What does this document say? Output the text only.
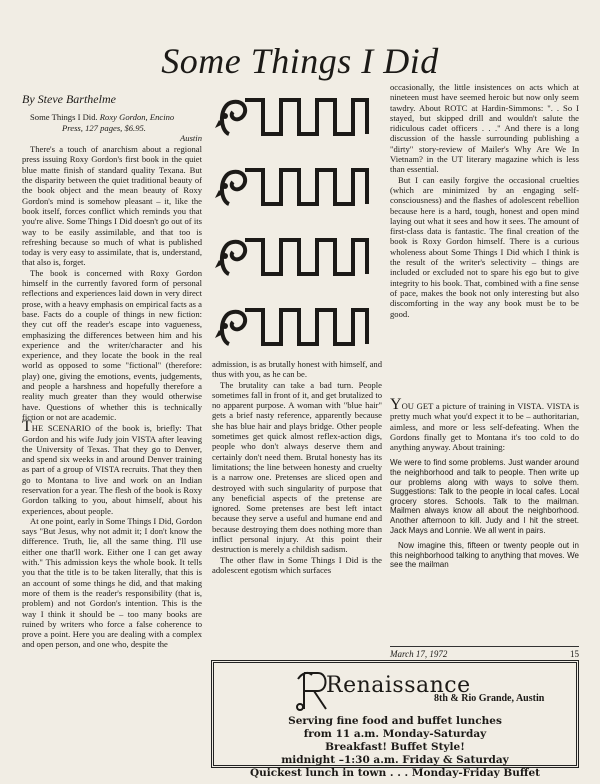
Some Things I Did
By Steve Barthelme

Some Things I Did. Roxy Gordon, Encino
Press, 127 pages, $6.95.

Austin

There's a touch of anarchism about a regional press issuing Roxy Gordon's first book in the quiet blue matte finish of standard quality Texana. But the disparity between the quiet traditional beauty of the book object and the mean beauty of Roxy Gordon's mind is somehow pleasant – it, like the book itself, forces conflict which reminds you that you're alive. Some Things I Did doesn't go out of its way to be easily assimilable, and that too is refreshing because so much of what is published today is very easy to assimilate, that is, understand, that also is, forget.

The book is concerned with Roxy Gordon himself in the currently favored form of personal reflections and experiences laid down in very direct prose, with a heavy emphasis on empirical facts as a base. Facts do a couple of things in new fiction: they cut off the reader's escape into vagueness, emphasizing the differences between him and his experience and the writer/character and his experience, and they locate the book in the real world as opposed to some "fictional" (therefore: play) one, giving the emotions, events, judgements, and people a harshness and hopefully therefore a reality much greater than they would otherwise have. Questions of whether this is technically fiction or not are academic.

THE SCENARIO of the book is, briefly: That Gordon and his wife Judy join VISTA after leaving the University of Texas. That they go to Denver, and spend six weeks in and around Denver training as part of a group of VISTA recruits. That they then go to Montana to live and work on an Indian reservation for a year. The flesh of the book is Roxy Gordon talking to you, about himself, about his experiences, about people.

At one point, early in Some Things I Did, Gordon says "But Jesus, why not admit it; I don't know the difference. Truth, lie, all the same thing. I'll use either one that'll work. Either one I can get away with." This admission keys the whole book. It tells you that the title is to be taken literally, that this is an account of some things he did, and that making more of them is the reader's responsibility (that is, problem) and not Gordon's intention. This is the way I think it should be – too many books are ruined by writers who force a false coherence to prove a point. Here you are dealing with a complex and open person, and one who, despite the

admission, is as brutally honest with himself, and thus with you, as he can be.

The brutality can take a bad turn. People sometimes fall in front of it, and get brutalized to no apparent purpose. A woman with "blue hair" gets a brief nasty reference, apparently because she has blue hair and plays bridge. Other people sometimes get quick almost reflex-action digs, people who don't always deserve them and certainly don't need them. Brutal honesty has its limitations; the line between honesty and cruelty is a narrow one. Pretenses are sliced open and destroyed with such singularity of purpose that any beneficial aspects of the pretense are ignored. Some pretenses are best left intact because they serve a useful and humane end and because destroying them does nothing more than inflict personal injury. At this point their destruction is merely a childish sadism.

The other flaw in Some Things I Did is the adolescent egotism which surfaces

occasionally, the little insistences on acts which at nineteen must have seemed heroic but now only seem tawdry. About ROTC at Hardin-Simmons: ". . So I stayed, but skipped drill and wouldn't salute the ridiculous cadet officers . . ." And there is a long discussion of the hassle surrounding publishing a "dirty" story-review of Mailer's Why Are We In Vietnam? in the UT literary magazine which is less than essential.

But I can easily forgive the occasional cruelties (which are minimized by an engaging self-consciousness) and the flashes of adolescent rebellion because here is a hard, tough, honest and open mind laying out what it sees and how it sees. The amount of first-class data is fantastic. The final creation of the book is Roxy Gordon himself. There is a curious wholeness about Some Things I Did which I think is the result of the writer's selectivity – things are included or excluded not to spare his ego but to give integrity to his book. That, combined with a fine sense of pace, makes the book not only interesting but also discomforting in the way any book must be to be good.

YOU GET a picture of training in VISTA. VISTA is pretty much what you'd expect it to be – authoritarian, aimless, and more or less self-defeating. When the Gordons finally get to Montana it's too cold to do anything anyway. About training:

We were to find some problems. Just wander around the neighborhood and talk to people. Then write up our problems along with ways to solve them. Suggestions: Talk to the people in local cafes. Local grocery stores. Schools. Talk to the mailman. Mailmen always know all about the neighborhood. Another afternoon to kill. Judy and I hit the street. Jack Mays and Lonnie. We all went in pairs.

Now imagine this, fifteen or twenty people out in this neighborhood talking to anything that moves. We see the mailman

March 17, 1972	15
Renaissance
8th & Rio Grande, Austin
Serving fine food and buffet lunches
from 11 a.m. Monday-Saturday
Breakfast! Buffet Style!
midnight –1:30 a.m. Friday & Saturday
Quickest lunch in town . . . Monday-Friday Buffet
